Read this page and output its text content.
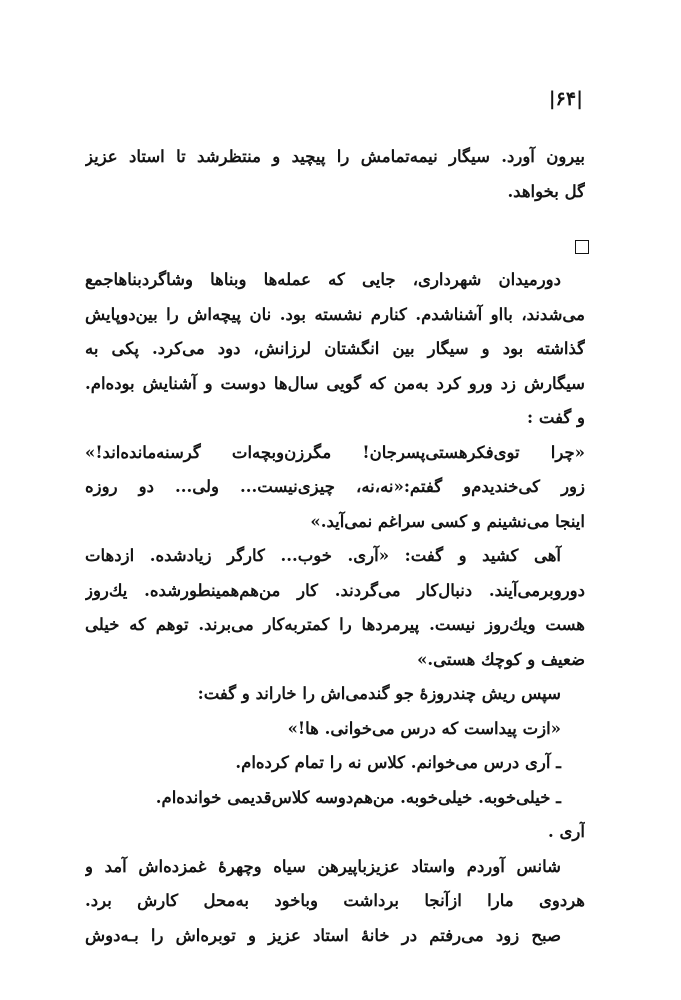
|۶۴|
بیرون آورد. سیگار نیمه‌تمامش را پیچید و منتظرشد تا استاد عزیز
گل بخواهد.
دورمیدان شهرداری، جایی که عمله‌ها وبناها وشاگردبناهاجمع
می‌شدند، بااو آشناشدم. کنارم نشسته بود. نان پیچه‌اش را بین‌دوپایش
گذاشته بود و سیگار بین انگشتان لرزانش، دود می‌کرد. پکی به
سیگارش زد ورو کرد به‌من که گویی سال‌ها دوست و آشنایش بوده‌ام.
و گفت :
«چرا توی‌فکرهستی‌پسرجان! مگرزن‌وبچه‌ات گرسنه‌مانده‌اند!»
زور کی‌خندیدم‌و گفتم:«نه،نه، چیزی‌نیست... ولی... دو روزه
اینجا می‌نشینم و کسی سراغم نمی‌آید.»
آهی کشید و گفت: «آری. خوب... کارگر زیادشده. ازدهات
دوروبرمی‌آیند. دنبال‌کار می‌گردند. کار من‌هم‌همینطورشده. یك‌روز
هست ویك‌روز نیست. پیرمردها را کمتربه‌کار می‌برند. توهم که خیلی
ضعیف و کوچك هستی.»
سپس ریش چندروزهٔ جو گندمی‌اش را خاراند و گفت:
«ازت پیداست که درس می‌خوانی. ها!»
ـ آری درس می‌خوانم. کلاس نه را تمام کرده‌ام.
ـ خیلی‌خوبه. خیلی‌خوبه. من‌هم‌دوسه کلاس‌قدیمی خوانده‌ام.
آری .
شانس آوردم واستاد عزیزباپیرهن سیاه وچهرهٔ غمزده‌اش آمد و
هردوی مارا ازآنجا برداشت وباخود به‌محل کارش برد.
صبح زود می‌رفتم در خانهٔ استاد عزیز و توبره‌اش را بـه‌دوش
